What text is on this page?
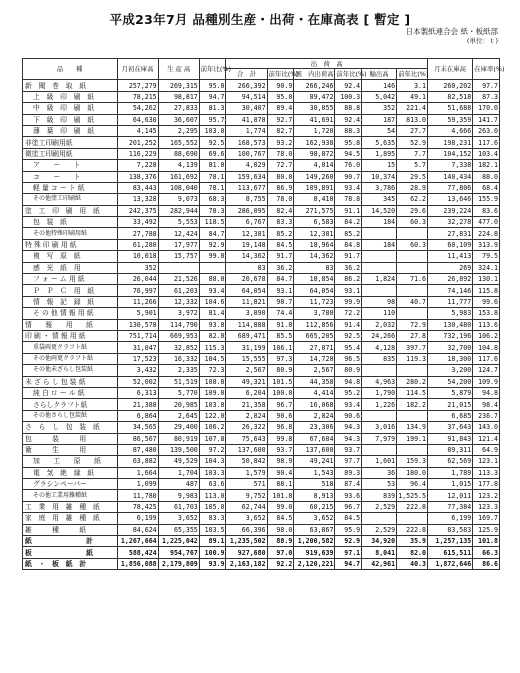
平成23年7月 品種別生産・出荷・在庫高表 [ 暫定 ]
日本製紙連合会 紙・板紙部
(単位：ｔ)
品　　種	月初在庫高	生 産 高	前年比(%)	出　荷　高						月末在庫高	在庫率(%)
				合　計	前年比(%)	国　内出荷高	前年比(%)	輸出高	前年比(%)		
新　聞　巻　取　紙	257,279	269,315	95.0	266,392	90.9	266,246	92.4	146	3.1	260,202	97.7
上　級　印　刷　紙	78,215	98,817	94.7	94,514	95.0	89,472	100.3	5,042	49.1	82,518	87.3
中　級　印　刷　紙	54,262	27,833	81.3	30,407	89.4	30,055	88.8	352	221.4	51,688	170.0
下　級　印　刷　紙	64,630	36,607	95.7	41,878	92.7	41,691	92.4	187	813.0	59,359	141.7
薄　葉　印　刷　紙	4,145	2,295	103.0	1,774	82.7	1,720	88.3	54	27.7	4,666	263.0
非塗工印刷用紙	201,252	165,552	92.5	168,573	93.2	162,938	95.8	5,635	52.9	198,231	117.6
微塗工印刷用紙	116,229	88,690	69.6	100,767	78.0	98,872	94.5	1,895	7.7	104,152	103.4
ア　　ー　　ト	7,228	4,139	81.0	4,029	72.7	4,014	76.0	15	5.7	7,338	182.1
コ　　ー　　ト	138,376	161,692	78.1	159,634	80.0	149,260	90.7	10,374	29.5	140,434	88.0
軽 量 コ ー ト 紙	83,443	108,040	78.1	113,677	86.9	109,891	93.4	3,786	28.9	77,806	68.4
その他塗工印刷紙	13,328	9,073	68.3	8,755	78.0	8,410	78.8	345	62.2	13,646	155.9
塗　工　印　刷　用　紙	242,375	282,944	78.3	286,095	82.4	271,575	91.1	14,520	29.6	239,224	83.6
包　装　紙	33,492	5,553	118.5	6,767	83.3	6,583	84.2	184	60.3	32,278	477.0
その他特殊印刷用紙	27,788	12,424	84.7	12,381	85.2	12,381	85.2			27,831	224.8
特 殊 印 刷 用 紙	61,280	17,977	92.9	19,148	84.5	18,964	84.8	184	60.3	60,109	313.9
複　写　原　紙	10,018	15,757	99.8	14,362	91.7	14,362	91.7			11,413	79.5
感　光　紙　用	352			83	36.2	83	36.2			269	324.1
フ ォ ー ム 用 紙	26,044	21,526	88.0	20,678	84.7	18,854	86.2	1,824	71.6	26,892	130.1
Ｐ　Ｐ　Ｃ　用　紙	76,997	61,203	93.4	64,054	93.1	64,054	93.1			74,146	115.8
情　報　記　録　紙	11,266	12,332	104.6	11,821	98.7	11,723	99.9	98	40.7	11,777	99.6
そ の 他 情 報 用 紙	5,901	3,972	81.4	3,890	74.4	3,780	72.2	110		5,983	153.8
情　　報　　用　　紙	130,578	114,790	93.8	114,888	91.0	112,856	91.4	2,032	72.9	130,480	113.6
印 刷 ・ 情 報 用 紙	751,714	669,953	82.8	689,471	85.5	665,205	92.5	24,266	27.8	732,196	106.2
重袋両更クラフト紙	31,047	32,852	115.3	31,199	106.1	27,071	95.4	4,128	397.7	32,700	104.8
その他両更クラフト紙	17,523	16,332	104.5	15,555	97.3	14,720	96.5	835	119.3	18,300	117.6
その他未ざらし包装紙	3,432	2,335	72.3	2,567	80.9	2,567	80.9			3,200	124.7
未 ざ ら し 包 装 紙	52,002	51,519	108.8	49,321	101.5	44,358	94.8	4,963	280.2	54,200	109.9
純 白 ロ ー ル 紙	6,313	5,770	109.0	6,204	100.0	4,414	95.2	1,790	114.5	5,879	94.8
さらしクラフト紙	21,388	20,985	103.8	21,358	96.7	16,068	93.4	1,226	182.2	21,015	98.4
その他さらし包装紙	6,864	2,645	122.0	2,824	90.6	2,824	90.6			6,685	236.7
さ　ら　し　包　装　紙	34,565	29,400	106.2	26,322	96.8	23,306	94.3	3,016	134.9	37,643	143.0
包　　　装　　　用	86,567	80,919	107.8	75,643	99.8	67,684	94.3	7,979	199.1	91,843	121.4
衛　　　生　　　用	87,480	139,500	97.2	137,600	93.7	137,600	93.7			89,311	64.9
加　　工　　原　　紙	63,882	49,529	104.3	50,842	98.9	49,241	97.7	1,601	159.3	62,569	123.1
電　気　絶　縁　紙	1,664	1,704	103.3	1,579	90.4	1,543	89.3	36	180.0	1,789	113.3
グラシンペーパー	1,099	487	63.6	571	88.1	518	87.4	53	96.4	1,015	177.8
その他工業用雑種紙	11,780	9,983	113.0	9,752	101.8	8,913	93.6	839	1,525.5	12,011	123.2
工　業　用　雑　種　紙	78,425	61,703	105.0	62,744	99.0	60,215	96.7	2,529	222.8	77,384	123.3
家　庭　用　雑　種　紙	6,199	3,652	83.3	3,652	84.5	3,652	84.5			6,199	169.7
雑　　　種　　　紙	84,624	65,355	103.5	66,396	98.0	63,867	95.9	2,529	222.8	83,583	125.9
紙　　　　　　　　計	1,267,664	1,225,042	89.1	1,235,502	88.9	1,200,582	92.9	34,920	35.9	1,257,135	101.8
板　　　　　　　　紙	588,424	954,767	100.9	927,680	97.0	919,639	97.1	8,041	82.0	615,511	66.3
紙　・　板　紙　計	1,856,088	2,179,809	93.9	2,163,182	92.2	2,120,221	94.7	42,961	40.3	1,872,646	86.6
